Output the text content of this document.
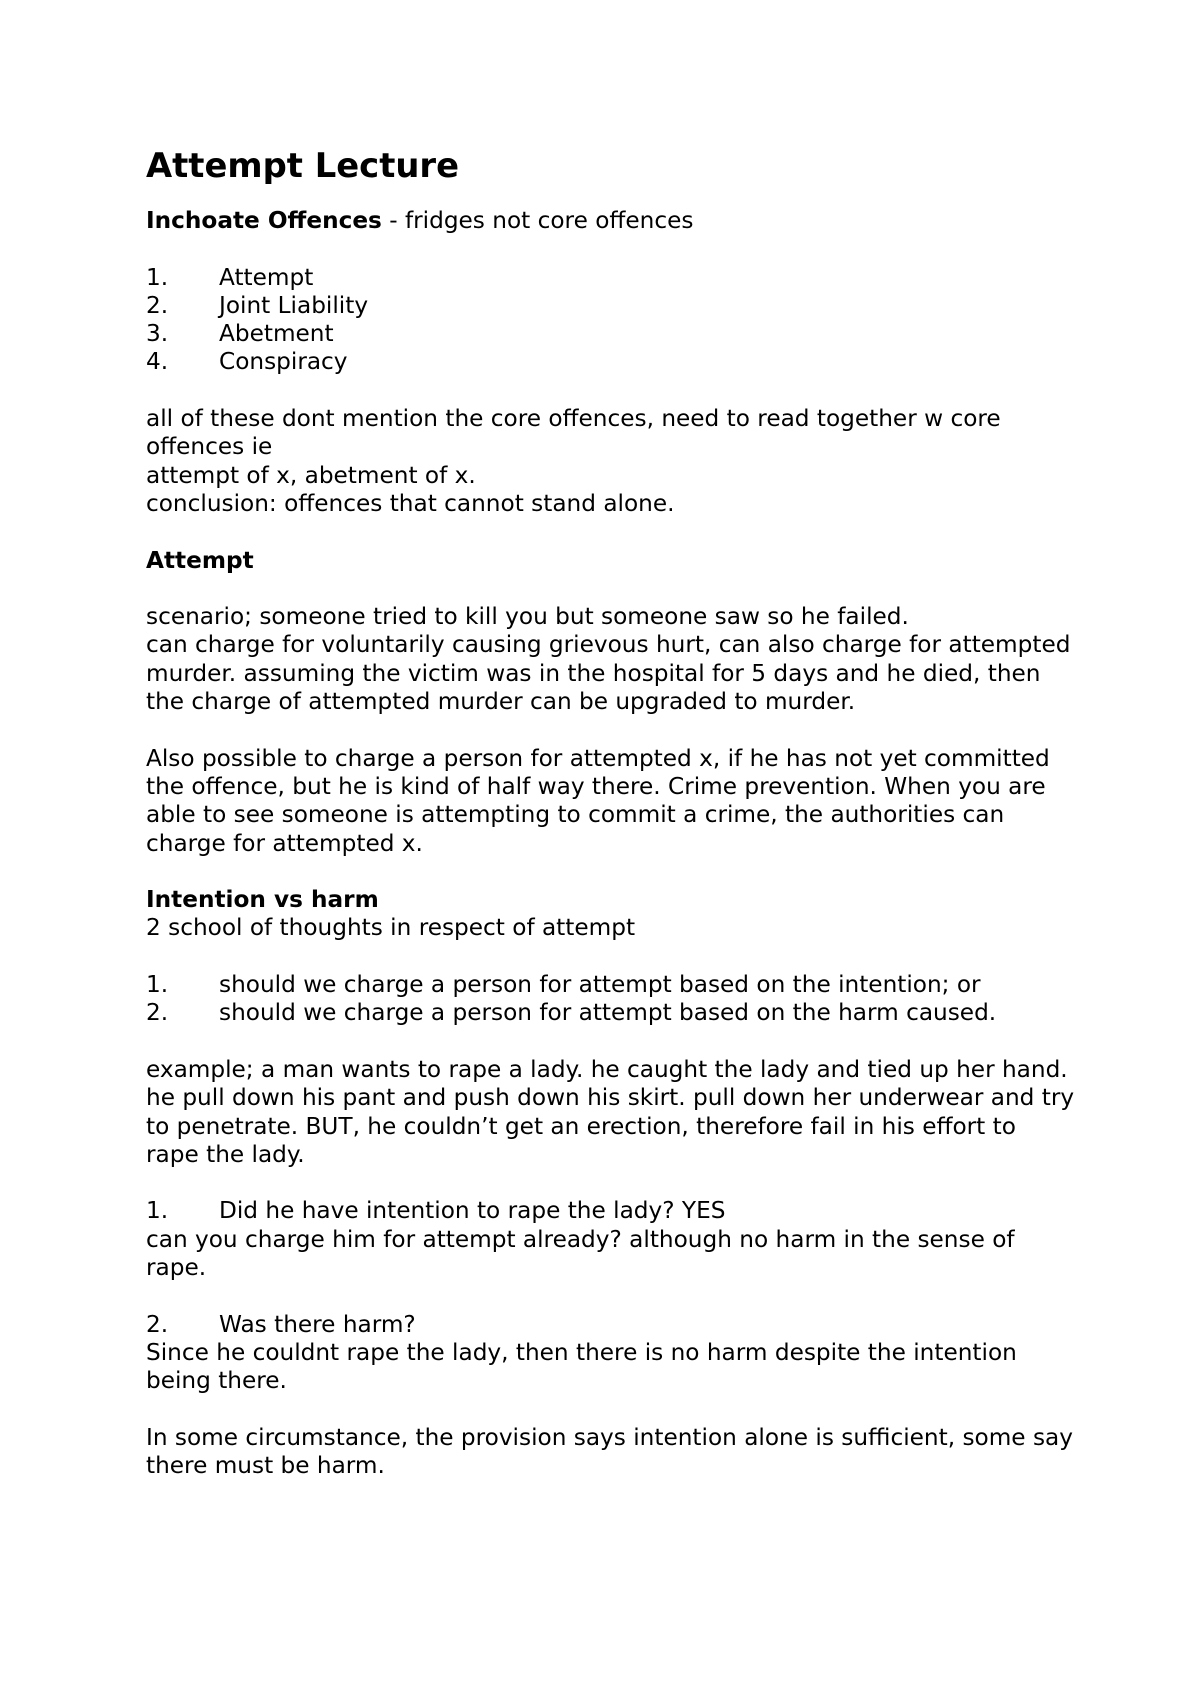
Attempt Lecture
Inchoate Offences - fridges not core offences
1.	Attempt
2.	Joint Liability
3.	Abetment
4.	Conspiracy
all of these dont mention the core offences, need to read together w core offences ie
attempt of x, abetment of x.
conclusion: offences that cannot stand alone.
Attempt
scenario; someone tried to kill you but someone saw so he failed.
can charge for voluntarily causing grievous hurt, can also charge for attempted murder. assuming the victim was in the hospital for 5 days and he died, then the charge of attempted murder can be upgraded to murder.
Also possible to charge a person for attempted x, if he has not yet committed the offence, but he is kind of half way there. Crime prevention. When you are able to see someone is attempting to commit a crime, the authorities can charge for attempted x.
Intention vs harm
2 school of thoughts in respect of attempt
1.	should we charge a person for attempt based on the intention; or
2.	should we charge a person for attempt based on the harm caused.
example; a man wants to rape a lady. he caught the lady and tied up her hand. he pull down his pant and push down his skirt. pull down her underwear and try to penetrate. BUT, he couldn’t get an erection, therefore fail in his effort to rape the lady.
1.	Did he have intention to rape the lady? YES
can you charge him for attempt already? although no harm in the sense of rape.
2.	Was there harm?
Since he couldnt rape the lady, then there is no harm despite the intention being there.
In some circumstance, the provision says intention alone is sufficient, some say there must be harm.
